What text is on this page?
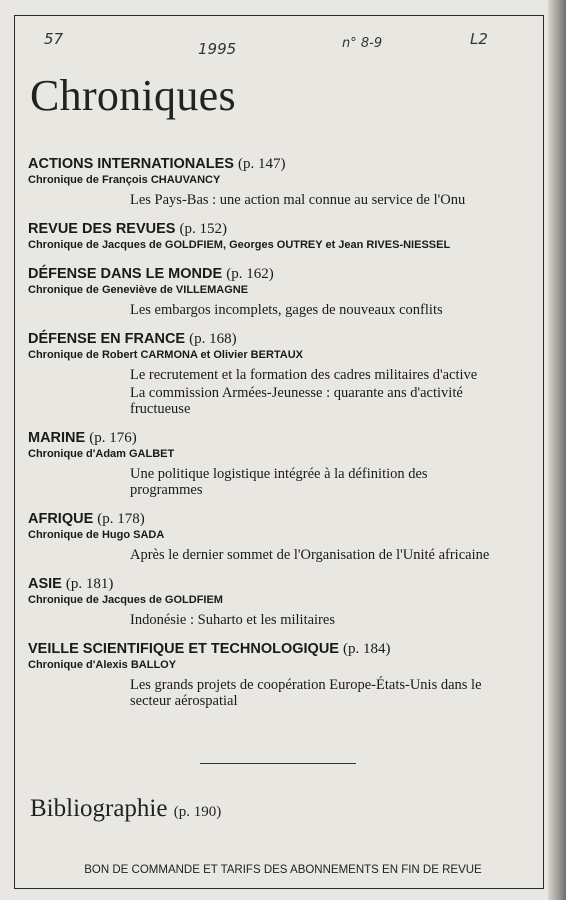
57
1995	n° 8-9	L2
Chroniques
ACTIONS INTERNATIONALES (p. 147)
Chronique de François CHAUVANCY
Les Pays-Bas : une action mal connue au service de l'Onu
REVUE DES REVUES (p. 152)
Chronique de Jacques de GOLDFIEM, Georges OUTREY et Jean RIVES-NIESSEL
DÉFENSE DANS LE MONDE (p. 162)
Chronique de Geneviève de VILLEMAGNE
Les embargos incomplets, gages de nouveaux conflits
DÉFENSE EN FRANCE (p. 168)
Chronique de Robert CARMONA et Olivier BERTAUX
Le recrutement et la formation des cadres militaires d'active
La commission Armées-Jeunesse : quarante ans d'activité fructueuse
MARINE (p. 176)
Chronique d'Adam GALBET
Une politique logistique intégrée à la définition des programmes
AFRIQUE (p. 178)
Chronique de Hugo SADA
Après le dernier sommet de l'Organisation de l'Unité africaine
ASIE (p. 181)
Chronique de Jacques de GOLDFIEM
Indonésie : Suharto et les militaires
VEILLE SCIENTIFIQUE ET TECHNOLOGIQUE (p. 184)
Chronique d'Alexis BALLOY
Les grands projets de coopération Europe-États-Unis dans le secteur aérospatial
Bibliographie (p. 190)
BON DE COMMANDE ET TARIFS DES ABONNEMENTS EN FIN DE REVUE
